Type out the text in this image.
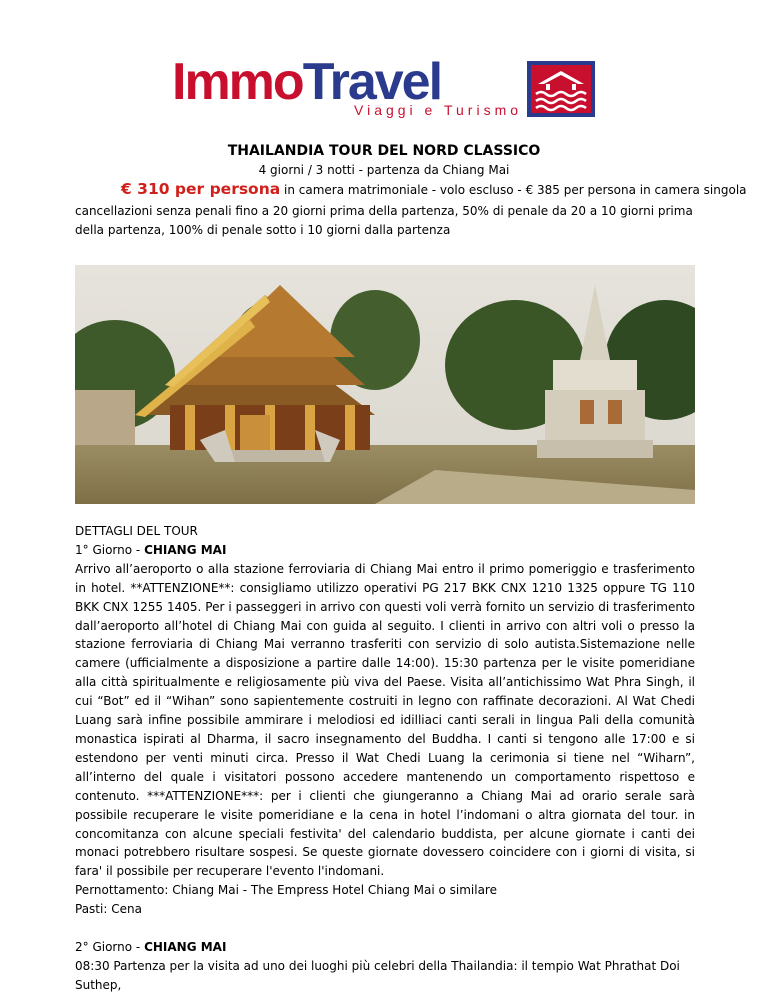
ImmoTravel
Viaggi e Turismo
THAILANDIA TOUR DEL NORD CLASSICO
4 giorni / 3 notti - partenza da Chiang Mai
€ 310 per persona in camera matrimoniale - volo escluso - € 385 per persona in camera singola
cancellazioni senza penali fino a 20 giorni prima della partenza, 50% di penale da 20 a 10 giorni prima della partenza, 100% di penale sotto i 10 giorni dalla partenza

DETTAGLI DEL TOUR

1° Giorno - CHIANG MAI

Arrivo all’aeroporto o alla stazione ferroviaria di Chiang Mai entro il primo pomeriggio e trasferimento in hotel. **ATTENZIONE**: consigliamo utilizzo operativi PG 217 BKK CNX 1210 1325 oppure TG 110 BKK CNX 1255 1405. Per i passeggeri in arrivo con questi voli verrà fornito un servizio di trasferimento dall’aeroporto all’hotel di Chiang Mai con guida al seguito. I clienti in arrivo con altri voli o presso la stazione ferroviaria di Chiang Mai verranno trasferiti con servizio di solo autista.Sistemazione nelle camere (ufficialmente a disposizione a partire dalle 14:00). 15:30 partenza per le visite pomeridiane alla città spiritualmente e religiosamente più viva del Paese. Visita all’antichissimo Wat Phra Singh, il cui “Bot” ed il “Wihan” sono sapientemente costruiti in legno con raffinate decorazioni. Al Wat Chedi Luang sarà infine possibile ammirare i melodiosi ed idilliaci canti serali in lingua Pali della comunità monastica ispirati al Dharma, il sacro insegnamento del Buddha. I canti si tengono alle 17:00 e si estendono per venti minuti circa. Presso il Wat Chedi Luang la cerimonia si tiene nel “Wiharn”, all’interno del quale i visitatori possono accedere mantenendo un comportamento rispettoso e contenuto. ***ATTENZIONE***: per i clienti che giungeranno a Chiang Mai ad orario serale sarà possibile recuperare le visite pomeridiane e la cena in hotel l’indomani o altra giornata del tour. in concomitanza con alcune speciali festivita' del calendario buddista, per alcune giornate i canti dei monaci potrebbero risultare sospesi. Se queste giornate dovessero coincidere con i giorni di visita, si fara' il possibile per recuperare l'evento l'indomani.

Pernottamento: Chiang Mai - The Empress Hotel Chiang Mai o similare

Pasti: Cena

2° Giorno - CHIANG MAI

08:30 Partenza per la visita ad uno dei luoghi più celebri della Thailandia: il tempio Wat Phrathat Doi Suthep,
